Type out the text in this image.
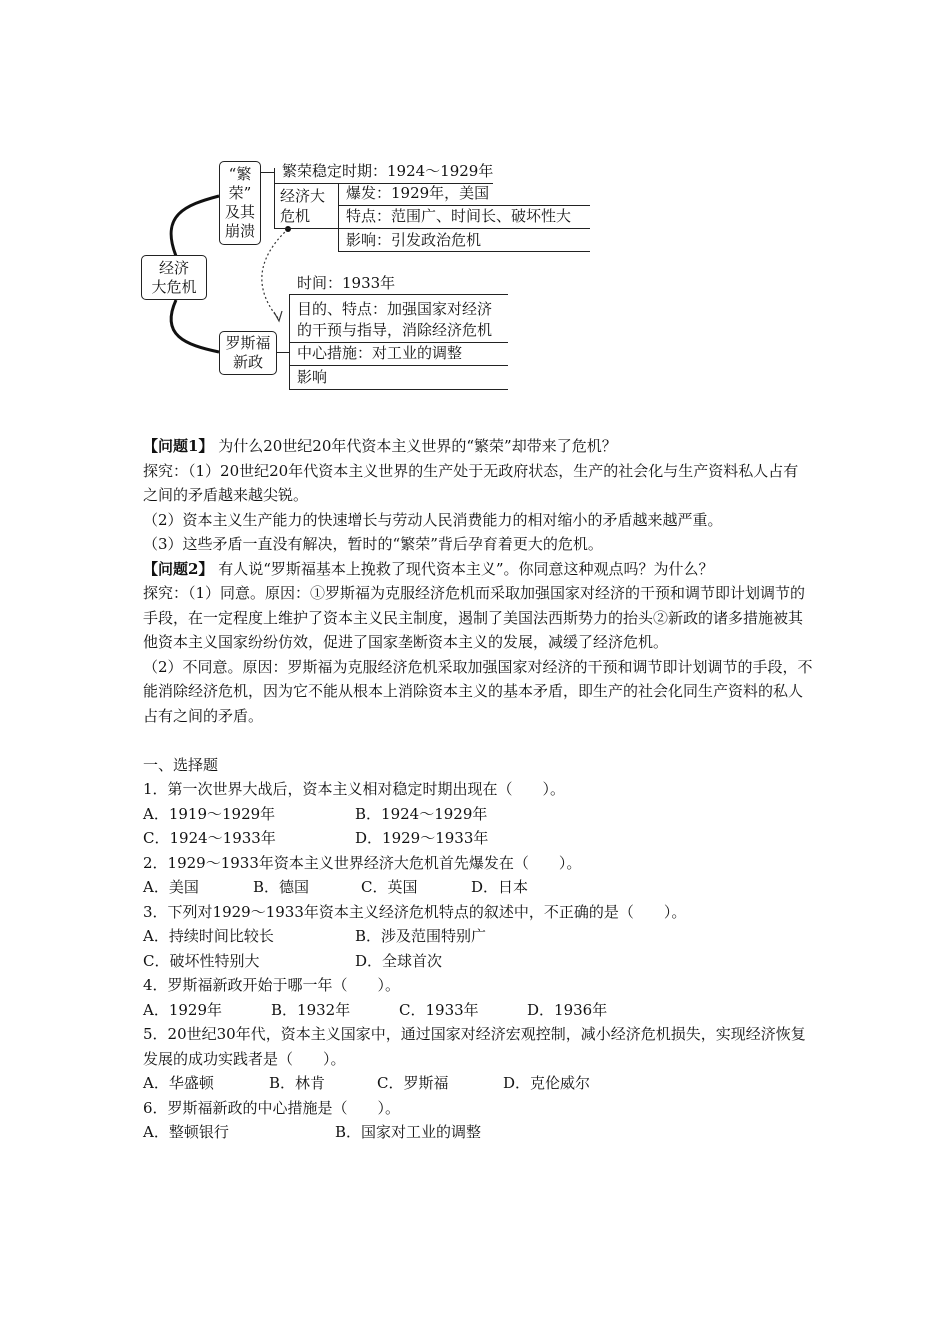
经济
大危机
“繁
荣”
及其
崩溃
繁荣稳定时期：1924～1929年
经济大
危机
爆发：1929年，美国
特点：范围广、时间长、破坏性大
影响：引发政治危机
罗斯福
新政
时间：1933年
目的、特点：加强国家对经济
的干预与指导，消除经济危机
中心措施：对工业的调整
影响

【问题1】 为什么20世纪20年代资本主义世界的“繁荣”却带来了危机？

探究：（1）20世纪20年代资本主义世界的生产处于无政府状态，生产的社会化与生产资料私人占有之间的矛盾越来越尖锐。

（2）资本主义生产能力的快速增长与劳动人民消费能力的相对缩小的矛盾越来越严重。

（3）这些矛盾一直没有解决，暂时的“繁荣”背后孕育着更大的危机。

【问题2】 有人说“罗斯福基本上挽救了现代资本主义”。你同意这种观点吗？为什么？

探究：（1）同意。原因：①罗斯福为克服经济危机而采取加强国家对经济的干预和调节即计划调节的手段，在一定程度上维护了资本主义民主制度，遏制了美国法西斯势力的抬头②新政的诸多措施被其他资本主义国家纷纷仿效，促进了国家垄断资本主义的发展，减缓了经济危机。

（2）不同意。原因：罗斯福为克服经济危机采取加强国家对经济的干预和调节即计划调节的手段，不能消除经济危机，因为它不能从根本上消除资本主义的基本矛盾，即生产的社会化同生产资料的私人占有之间的矛盾。

一、选择题

1．第一次世界大战后，资本主义相对稳定时期出现在（　　）。

A．1919～1929年	B．1924～1929年
C．1924～1933年	D．1929～1933年

2．1929～1933年资本主义世界经济大危机首先爆发在（　　）。

A．美国	B．德国	C．英国	D．日本

3．下列对1929～1933年资本主义经济危机特点的叙述中，不正确的是（　　）。

A．持续时间比较长	B．涉及范围特别广
C．破坏性特别大	D．全球首次

4．罗斯福新政开始于哪一年（　　）。

A．1929年	B．1932年	C．1933年	D．1936年

5．20世纪30年代，资本主义国家中，通过国家对经济宏观控制，减小经济危机损失，实现经济恢复发展的成功实践者是（　　）。

A．华盛顿	B．林肯	C．罗斯福	D．克伦威尔

6．罗斯福新政的中心措施是（　　）。

A．整顿银行	B．国家对工业的调整
